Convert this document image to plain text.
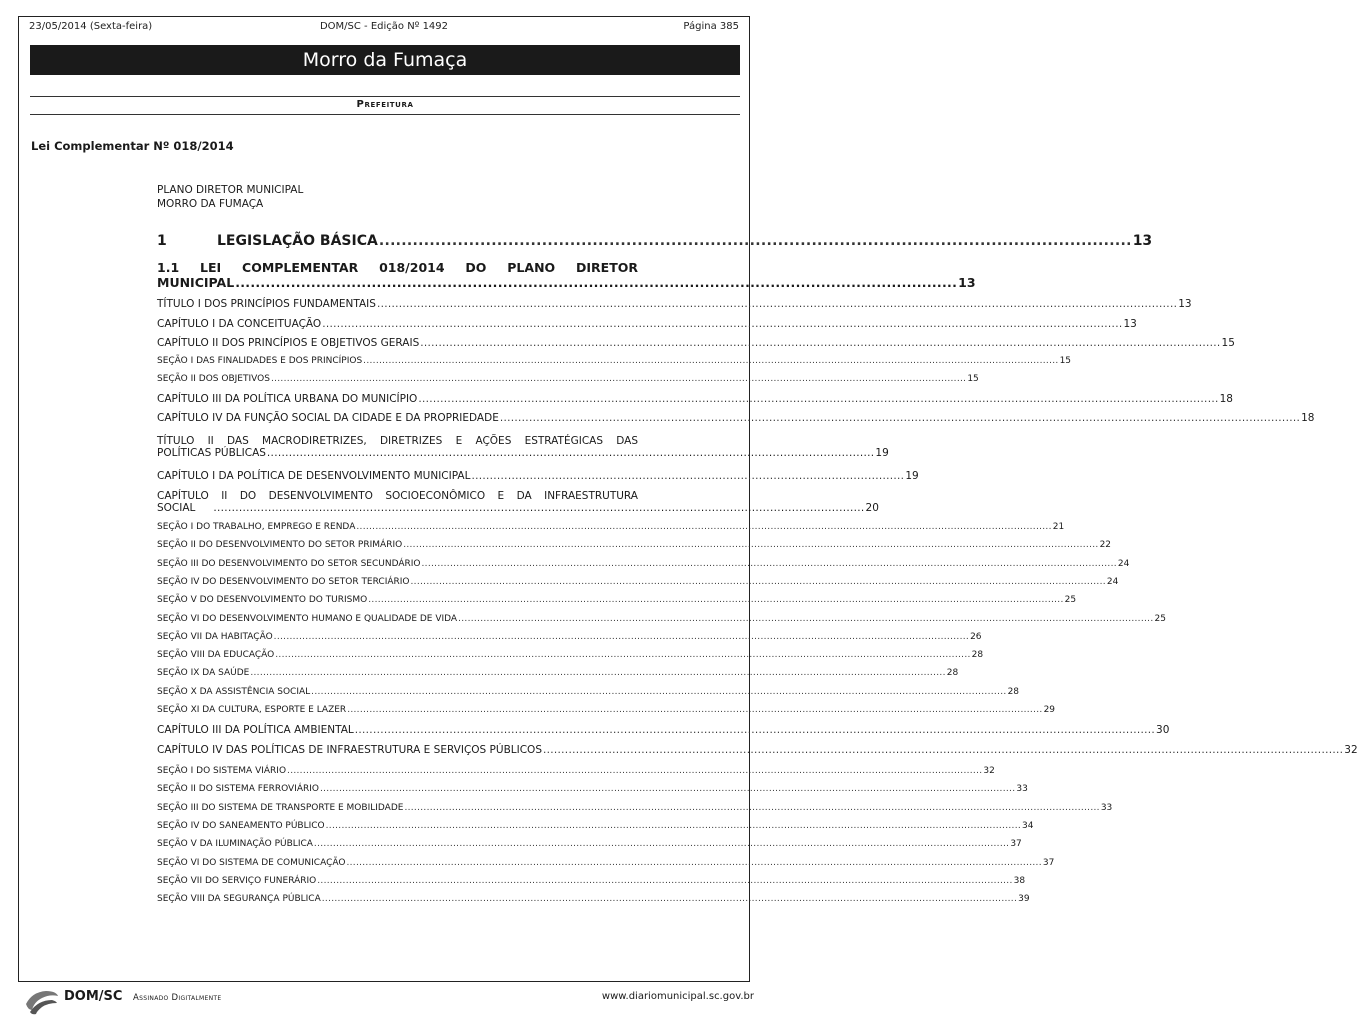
23/05/2014 (Sexta-feira)	DOM/SC - Edição Nº 1492	Página 385
Morro da Fumaça
Prefeitura
Lei Complementar Nº 018/2014
PLANO DIRETOR MUNICIPAL
MORRO DA FUMAÇA
1	LEGISLAÇÃO BÁSICA ...................................................................................................................................... 13
1.1 LEI COMPLEMENTAR 018/2014 DO PLANO DIRETOR
MUNICIPAL ............................................................................................................................................... 13
TÍTULO I DOS PRINCÍPIOS FUNDAMENTAIS ............................................................................................................................................................................................................................ 13
CAPÍTULO I DA CONCEITUAÇÃO ............................................................................................................................................................................................................................ 13
CAPÍTULO II DOS PRINCÍPIOS E OBJETIVOS GERAIS ............................................................................................................................................................................................................................ 15
SEÇÃO I DAS FINALIDADES E DOS PRINCÍPIOS ............................................................................................................................................................................................................................ 15
SEÇÃO II DOS OBJETIVOS ............................................................................................................................................................................................................................ 15
CAPÍTULO III DA POLÍTICA URBANA DO MUNICÍPIO ............................................................................................................................................................................................................................ 18
CAPÍTULO IV DA FUNÇÃO SOCIAL DA CIDADE E DA PROPRIEDADE ............................................................................................................................................................................................................................ 18
TÍTULO II DAS MACRODIRETRIZES, DIRETRIZES E AÇÕES ESTRATÉGICAS DAS
POLÍTICAS PÚBLICAS ....................................................................................................................................................................... 19
CAPÍTULO I DA POLÍTICA DE DESENVOLVIMENTO MUNICIPAL ....................................................................................................................... 19
CAPÍTULO II DO DESENVOLVIMENTO SOCIOECONÔMICO E DA INFRAESTRUTURA
SOCIAL ................................................................................................................................................................................... 20
SEÇÃO I DO TRABALHO, EMPREGO E RENDA ............................................................................................................................................................................................................................ 21
SEÇÃO II DO DESENVOLVIMENTO DO SETOR PRIMÁRIO ............................................................................................................................................................................................................................ 22
SEÇÃO III DO DESENVOLVIMENTO DO SETOR SECUNDÁRIO ............................................................................................................................................................................................................................ 24
SEÇÃO IV DO DESENVOLVIMENTO DO SETOR TERCIÁRIO ............................................................................................................................................................................................................................ 24
SEÇÃO V DO DESENVOLVIMENTO DO TURISMO ............................................................................................................................................................................................................................ 25
SEÇÃO VI DO DESENVOLVIMENTO HUMANO E QUALIDADE DE VIDA ............................................................................................................................................................................................................................ 25
SEÇÃO VII DA HABITAÇÃO ............................................................................................................................................................................................................................ 26
SEÇÃO VIII DA EDUCAÇÃO ............................................................................................................................................................................................................................ 28
SEÇÃO IX DA SAÚDE ............................................................................................................................................................................................................................ 28
SEÇÃO X DA ASSISTÊNCIA SOCIAL ............................................................................................................................................................................................................................ 28
SEÇÃO XI DA CULTURA, ESPORTE E LAZER ............................................................................................................................................................................................................................ 29
CAPÍTULO III DA POLÍTICA AMBIENTAL ............................................................................................................................................................................................................................ 30
CAPÍTULO IV DAS POLÍTICAS DE INFRAESTRUTURA E SERVIÇOS PÚBLICOS ............................................................................................................................................................................................................................ 32
SEÇÃO I DO SISTEMA VIÁRIO ............................................................................................................................................................................................................................ 32
SEÇÃO II DO SISTEMA FERROVIÁRIO ............................................................................................................................................................................................................................ 33
SEÇÃO III DO SISTEMA DE TRANSPORTE E MOBILIDADE ............................................................................................................................................................................................................................ 33
SEÇÃO IV DO SANEAMENTO PÚBLICO ............................................................................................................................................................................................................................ 34
SEÇÃO V DA ILUMINAÇÃO PÚBLICA ............................................................................................................................................................................................................................ 37
SEÇÃO VI DO SISTEMA DE COMUNICAÇÃO ............................................................................................................................................................................................................................ 37
SEÇÃO VII DO SERVIÇO FUNERÁRIO ............................................................................................................................................................................................................................ 38
SEÇÃO VIII DA SEGURANÇA PÚBLICA ............................................................................................................................................................................................................................ 39
DOM/SC Assinado Digitalmente	www.diariomunicipal.sc.gov.br
